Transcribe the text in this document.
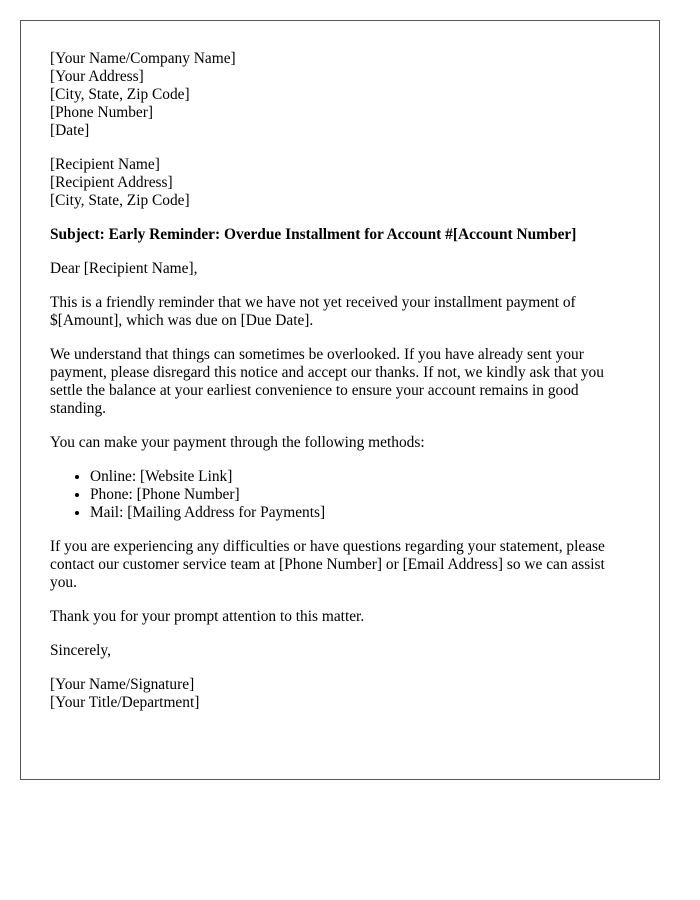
[Your Name/Company Name]
[Your Address]
[City, State, Zip Code]
[Phone Number]
[Date]
[Recipient Name]
[Recipient Address]
[City, State, Zip Code]
Subject: Early Reminder: Overdue Installment for Account #[Account Number]

Dear [Recipient Name],

This is a friendly reminder that we have not yet received your installment payment of $[Amount], which was due on [Due Date].

We understand that things can sometimes be overlooked. If you have already sent your payment, please disregard this notice and accept our thanks. If not, we kindly ask that you settle the balance at your earliest convenience to ensure your account remains in good standing.

You can make your payment through the following methods:

• Online: [Website Link]
• Phone: [Phone Number]
• Mail: [Mailing Address for Payments]

If you are experiencing any difficulties or have questions regarding your statement, please contact our customer service team at [Phone Number] or [Email Address] so we can assist you.

Thank you for your prompt attention to this matter.

Sincerely,

[Your Name/Signature]
[Your Title/Department]
